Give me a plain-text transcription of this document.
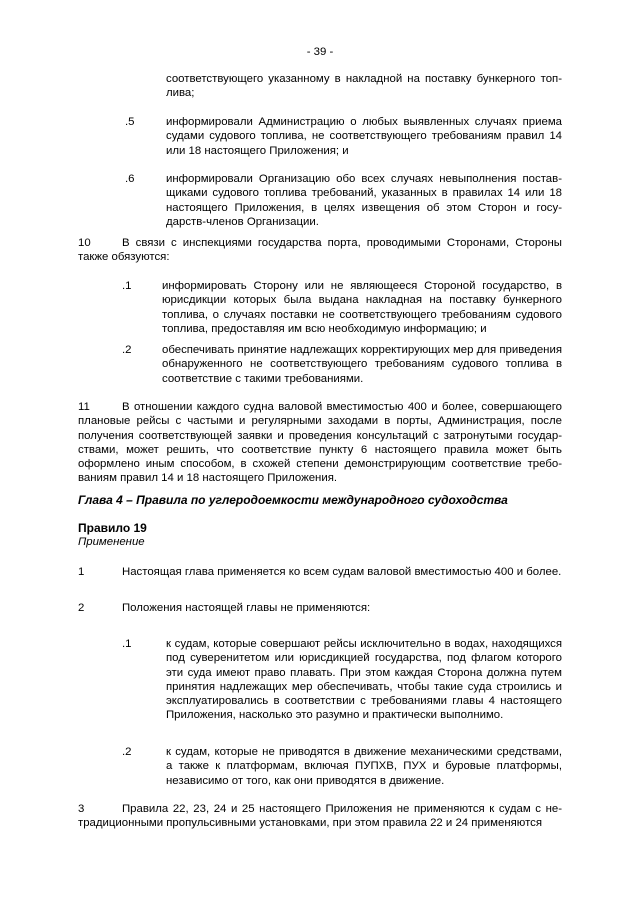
- 39 -

соответствующего указанному в накладной на поставку бункерного топлива;

.5	информировали Администрацию о любых выявленных случаях приема судами судового топлива, не соответствующего требованиям правил 14 или 18 настоящего Приложения; и

.6	информировали Организацию обо всех случаях невыполнения поставщиками судового топлива требований, указанных в правилах 14 или 18 настоящего Приложения, в целях извещения об этом Сторон и государств-членов Организации.

10	В связи с инспекциями государства порта, проводимыми Сторонами, Стороны также обязуются:

.1	информировать Сторону или не являющееся Стороной государство, в юрисдикции которых была выдана накладная на поставку бункерного топлива, о случаях поставки не соответствующего требованиям судового топлива, предоставляя им всю необходимую информацию; и

.2	обеспечивать принятие надлежащих корректирующих мер для приведения обнаруженного не соответствующего требованиям судового топлива в соответствие с такими требованиями.

11	В отношении каждого судна валовой вместимостью 400 и более, совершающего плановые рейсы с частыми и регулярными заходами в порты, Администрация, после получения соответствующей заявки и проведения консультаций с затронутыми государствами, может решить, что соответствие пункту 6 настоящего правила может быть оформлено иным способом, в схожей степени демонстрирующим соответствие требованиям правил 14 и 18 настоящего Приложения.

Глава 4 – Правила по углеродоемкости международного судоходства
Правило 19
Применение
1	Настоящая глава применяется ко всем судам валовой вместимостью 400 и более.

2	Положения настоящей главы не применяются:

.1	к судам, которые совершают рейсы исключительно в водах, находящихся под суверенитетом или юрисдикцией государства, под флагом которого эти суда имеют право плавать. При этом каждая Сторона должна путем принятия надлежащих мер обеспечивать, чтобы такие суда строились и эксплуатировались в соответствии с требованиями главы 4 настоящего Приложения, насколько это разумно и практически выполнимо.

.2	к судам, которые не приводятся в движение механическими средствами, а также к платформам, включая ПУПХВ, ПУХ и буровые платформы, независимо от того, как они приводятся в движение.

3	Правила 22, 23, 24 и 25 настоящего Приложения не применяются к судам с нетрадиционными пропульсивными установками, при этом правила 22 и 24 применяются
